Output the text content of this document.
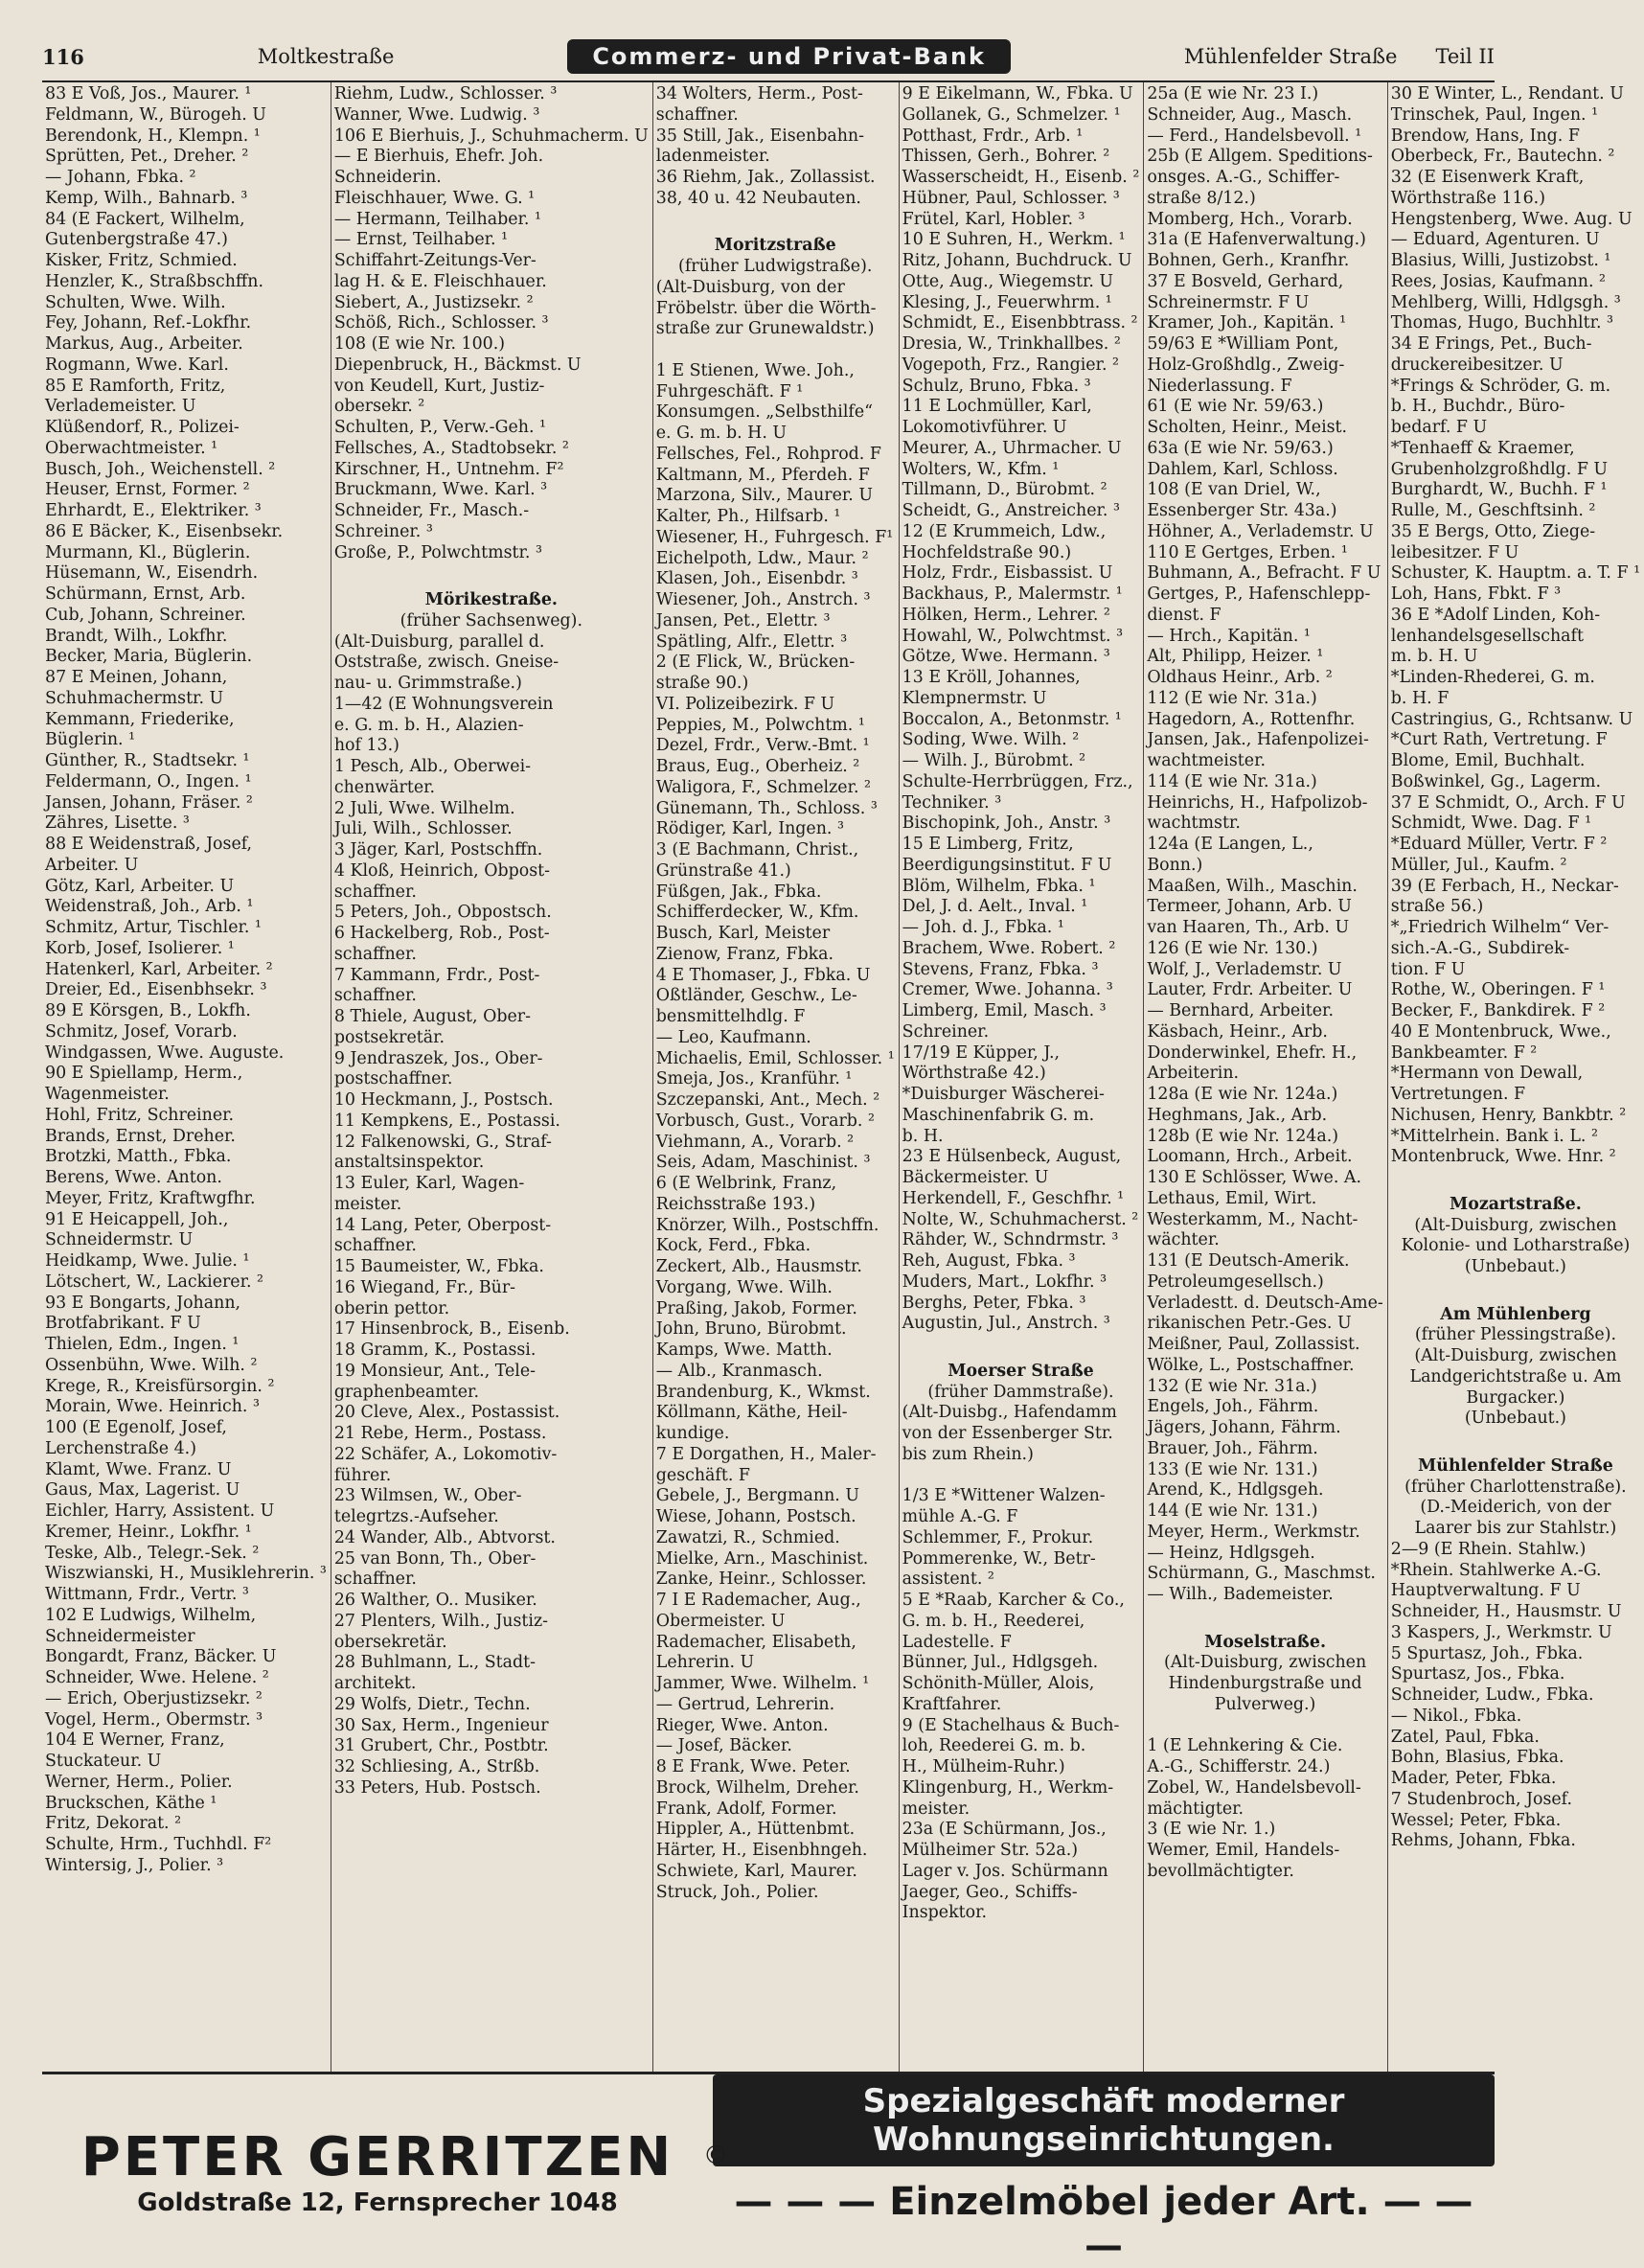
116	Moltkestraße	Commerz- und Privat-Bank	Mühlenfelder Straße Teil II
83 E Voß, Jos., Maurer. ¹
Feldmann, W., Bürogeh. U
Berendonk, H., Klempn. ¹
Sprütten, Pet., Dreher. ²
— Johann, Fbka. ²
Kemp, Wilh., Bahnarb. ³
84 (E Fackert, Wilhelm,
Gutenbergstraße 47.)
Kisker, Fritz, Schmied.
Henzler, K., Straßbschffn.
Schulten, Wwe. Wilh.
Fey, Johann, Ref.-Lokfhr.
Markus, Aug., Arbeiter.
Rogmann, Wwe. Karl.
85 E Ramforth, Fritz,
Verlademeister. U
Klüßendorf, R., Polizei-
Oberwachtmeister. ¹
Busch, Joh., Weichenstell. ²
Heuser, Ernst, Former. ²
Ehrhardt, E., Elektriker. ³
86 E Bäcker, K., Eisenbsekr.
Murmann, Kl., Büglerin.
Hüsemann, W., Eisendrh.
Schürmann, Ernst, Arb.
Cub, Johann, Schreiner.
Brandt, Wilh., Lokfhr.
Becker, Maria, Büglerin.
87 E Meinen, Johann,
Schuhmachermstr. U
Kemmann, Friederike,
Büglerin. ¹
Günther, R., Stadtsekr. ¹
Feldermann, O., Ingen. ¹
Jansen, Johann, Fräser. ²
Zähres, Lisette. ³
88 E Weidenstraß, Josef,
Arbeiter. U
Götz, Karl, Arbeiter. U
Weidenstraß, Joh., Arb. ¹
Schmitz, Artur, Tischler. ¹
Korb, Josef, Isolierer. ¹
Hatenkerl, Karl, Arbeiter. ²
Dreier, Ed., Eisenbhsekr. ³
89 E Körsgen, B., Lokfh.
Schmitz, Josef, Vorarb.
Windgassen, Wwe. Auguste.
90 E Spiellamp, Herm.,
Wagenmeister.
Hohl, Fritz, Schreiner.
Brands, Ernst, Dreher.
Brotzki, Matth., Fbka.
Berens, Wwe. Anton.
Meyer, Fritz, Kraftwgfhr.
91 E Heicappell, Joh.,
Schneidermstr. U
Heidkamp, Wwe. Julie. ¹
Lötschert, W., Lackierer. ²
93 E Bongarts, Johann,
Brotfabrikant. F U
Thielen, Edm., Ingen. ¹
Ossenbühn, Wwe. Wilh. ²
Krege, R., Kreisfürsorgin. ²
Morain, Wwe. Heinrich. ³
100 (E Egenolf, Josef,
Lerchenstraße 4.)
Klamt, Wwe. Franz. U
Gaus, Max, Lagerist. U
Eichler, Harry, Assistent. U
Kremer, Heinr., Lokfhr. ¹
Teske, Alb., Telegr.-Sek. ²
Wiszwianski, H., Musiklehrerin. ³
Wittmann, Frdr., Vertr. ³
102 E Ludwigs, Wilhelm,
Schneidermeister
Bongardt, Franz, Bäcker. U
Schneider, Wwe. Helene. ²
— Erich, Oberjustizsekr. ²
Vogel, Herm., Obermstr. ³
104 E Werner, Franz,
Stuckateur. U
Werner, Herm., Polier.
Bruckschen, Käthe ¹
Fritz, Dekorat. ²
Schulte, Hrm., Tuchhdl. F²
Wintersig, J., Polier. ³
Riehm, Ludw., Schlosser. ³
Wanner, Wwe. Ludwig. ³
106 E Bierhuis, J., Schuhmacherm. U
— E Bierhuis, Ehefr. Joh.
Schneiderin.
Fleischhauer, Wwe. G. ¹
— Hermann, Teilhaber. ¹
— Ernst, Teilhaber. ¹
Schiffahrt-Zeitungs-Ver-
lag H. & E. Fleischhauer.
Siebert, A., Justizsekr. ²
Schöß, Rich., Schlosser. ³
108 (E wie Nr. 100.)
Diepenbruck, H., Bäckmst. U
von Keudell, Kurt, Justiz-
obersekr. ²
Schulten, P., Verw.-Geh. ¹
Fellsches, A., Stadtobsekr. ²
Kirschner, H., Untnehm. F²
Bruckmann, Wwe. Karl. ³
Schneider, Fr., Masch.-
Schreiner. ³
Große, P., Polwchtmstr. ³

Mörikestraße.
(früher Sachsenweg).
(Alt-Duisburg, parallel d.
Oststraße, zwisch. Gneise-
nau- u. Grimmstraße.)
1—42 (E Wohnungsverein
e. G. m. b. H., Alazien-
hof 13.)
1 Pesch, Alb., Oberwei-
chenwärter.
2 Juli, Wwe. Wilhelm.
Juli, Wilh., Schlosser.
3 Jäger, Karl, Postschffn.
4 Kloß, Heinrich, Obpost-
schaffner.
5 Peters, Joh., Obpostsch.
6 Hackelberg, Rob., Post-
schaffner.
7 Kammann, Frdr., Post-
schaffner.
8 Thiele, August, Ober-
postsekretär.
9 Jendraszek, Jos., Ober-
postschaffner.
10 Heckmann, J., Postsch.
11 Kempkens, E., Postassi.
12 Falkenowski, G., Straf-
anstaltsinspektor.
13 Euler, Karl, Wagen-
meister.
14 Lang, Peter, Oberpost-
schaffner.
15 Baumeister, W., Fbka.
16 Wiegand, Fr., Bür-
oberin pettor.
17 Hinsenbrock, B., Eisenb.
18 Gramm, K., Postassi.
19 Monsieur, Ant., Tele-
graphenbeamter.
20 Cleve, Alex., Postassist.
21 Rebe, Herm., Postass.
22 Schäfer, A., Lokomotiv-
führer.
23 Wilmsen, W., Ober-
telegrtzs.-Aufseher.
24 Wander, Alb., Abtvorst.
25 van Bonn, Th., Ober-
schaffner.
26 Walther, O.. Musiker.
27 Plenters, Wilh., Justiz-
obersekretär.
28 Buhlmann, L., Stadt-
architekt.
29 Wolfs, Dietr., Techn.
30 Sax, Herm., Ingenieur
31 Grubert, Chr., Postbtr.
32 Schliesing, A., Strßb.
33 Peters, Hub. Postsch.
34 Wolters, Herm., Post-
schaffner.
35 Still, Jak., Eisenbahn-
ladenmeister.
36 Riehm, Jak., Zollassist.
38, 40 u. 42 Neubauten.

Moritzstraße
(früher Ludwigstraße).
(Alt-Duisburg, von der
Fröbelstr. über die Wörth-
straße zur Grunewaldstr.)

1 E Stienen, Wwe. Joh.,
Fuhrgeschäft. F ¹
Konsumgen. „Selbsthilfe“
e. G. m. b. H. U
Fellsches, Fel., Rohprod. F
Kaltmann, M., Pferdeh. F
Marzona, Silv., Maurer. U
Kalter, Ph., Hilfsarb. ¹
Wiesener, H., Fuhrgesch. F¹
Eichelpoth, Ldw., Maur. ²
Klasen, Joh., Eisenbdr. ³
Wiesener, Joh., Anstrch. ³
Jansen, Pet., Elettr. ³
Spätling, Alfr., Elettr. ³
2 (E Flick, W., Brücken-
straße 90.)
VI. Polizeibezirk. F U
Peppies, M., Polwchtm. ¹
Dezel, Frdr., Verw.-Bmt. ¹
Braus, Eug., Oberheiz. ²
Waligora, F., Schmelzer. ²
Günemann, Th., Schloss. ³
Rödiger, Karl, Ingen. ³
3 (E Bachmann, Christ.,
Grünstraße 41.)
Füßgen, Jak., Fbka.
Schifferdecker, W., Kfm.
Busch, Karl, Meister
Zienow, Franz, Fbka.
4 E Thomaser, J., Fbka. U
Oßtländer, Geschw., Le-
bensmittelhdlg. F
— Leo, Kaufmann.
Michaelis, Emil, Schlosser. ¹
Smeja, Jos., Kranführ. ¹
Szczepanski, Ant., Mech. ²
Vorbusch, Gust., Vorarb. ²
Viehmann, A., Vorarb. ²
Seis, Adam, Maschinist. ³
6 (E Welbrink, Franz,
Reichsstraße 193.)
Knörzer, Wilh., Postschffn.
Kock, Ferd., Fbka.
Zeckert, Alb., Hausmstr.
Vorgang, Wwe. Wilh.
Praßing, Jakob, Former.
John, Bruno, Bürobmt.
Kamps, Wwe. Matth.
— Alb., Kranmasch.
Brandenburg, K., Wkmst.
Köllmann, Käthe, Heil-
kundige.
7 E Dorgathen, H., Maler-
geschäft. F
Gebele, J., Bergmann. U
Wiese, Johann, Postsch.
Zawatzi, R., Schmied.
Mielke, Arn., Maschinist.
Zanke, Heinr., Schlosser.
7 I E Rademacher, Aug.,
Obermeister. U
Rademacher, Elisabeth,
Lehrerin. U
Jammer, Wwe. Wilhelm. ¹
— Gertrud, Lehrerin.
Rieger, Wwe. Anton.
— Josef, Bäcker.
8 E Frank, Wwe. Peter.
Brock, Wilhelm, Dreher.
Frank, Adolf, Former.
Hippler, A., Hüttenbmt.
Härter, H., Eisenbhngeh.
Schwiete, Karl, Maurer.
Struck, Joh., Polier.
9 E Eikelmann, W., Fbka. U
Gollanek, G., Schmelzer. ¹
Potthast, Frdr., Arb. ¹
Thissen, Gerh., Bohrer. ²
Wasserscheidt, H., Eisenb. ²
Hübner, Paul, Schlosser. ³
Frütel, Karl, Hobler. ³
10 E Suhren, H., Werkm. ¹
Ritz, Johann, Buchdruck. U
Otte, Aug., Wiegemstr. U
Klesing, J., Feuerwhrm. ¹
Schmidt, E., Eisenbbtrass. ²
Dresia, W., Trinkhallbes. ²
Vogepoth, Frz., Rangier. ²
Schulz, Bruno, Fbka. ³
11 E Lochmüller, Karl,
Lokomotivführer. U
Meurer, A., Uhrmacher. U
Wolters, W., Kfm. ¹
Tillmann, D., Bürobmt. ²
Scheidt, G., Anstreicher. ³
12 (E Krummeich, Ldw.,
Hochfeldstraße 90.)
Holz, Frdr., Eisbassist. U
Backhaus, P., Malermstr. ¹
Hölken, Herm., Lehrer. ²
Howahl, W., Polwchtmst. ³
Götze, Wwe. Hermann. ³
13 E Kröll, Johannes,
Klempnermstr. U
Boccalon, A., Betonmstr. ¹
Soding, Wwe. Wilh. ²
— Wilh. J., Bürobmt. ²
Schulte-Herrbrüggen, Frz.,
Techniker. ³
Bischopink, Joh., Anstr. ³
15 E Limberg, Fritz,
Beerdigungsinstitut. F U
Blöm, Wilhelm, Fbka. ¹
Del, J. d. Aelt., Inval. ¹
— Joh. d. J., Fbka. ¹
Brachem, Wwe. Robert. ²
Stevens, Franz, Fbka. ³
Cremer, Wwe. Johanna. ³
Limberg, Emil, Masch. ³
Schreiner.
17/19 E Küpper, J.,
Wörthstraße 42.)
*Duisburger Wäscherei-
Maschinenfabrik G. m.
b. H.
23 E Hülsenbeck, August,
Bäckermeister. U
Herkendell, F., Geschfhr. ¹
Nolte, W., Schuhmacherst. ²
Rähder, W., Schndrmstr. ³
Reh, August, Fbka. ³
Muders, Mart., Lokfhr. ³
Berghs, Peter, Fbka. ³
Augustin, Jul., Anstrch. ³

Moerser Straße
(früher Dammstraße).
(Alt-Duisbg., Hafendamm
von der Essenberger Str.
bis zum Rhein.)

1/3 E *Wittener Walzen-
mühle A.-G. F
Schlemmer, F., Prokur.
Pommerenke, W., Betr-
assistent. ²
5 E *Raab, Karcher & Co.,
G. m. b. H., Reederei,
Ladestelle. F
Bünner, Jul., Hdlgsgeh.
Schönith-Müller, Alois,
Kraftfahrer.
9 (E Stachelhaus & Buch-
loh, Reederei G. m. b.
H., Mülheim-Ruhr.)
Klingenburg, H., Werkm-
meister.
23a (E Schürmann, Jos.,
Mülheimer Str. 52a.)
Lager v. Jos. Schürmann
Jaeger, Geo., Schiffs-
Inspektor.
25a (E wie Nr. 23 I.)
Schneider, Aug., Masch.
— Ferd., Handelsbevoll. ¹
25b (E Allgem. Speditions-
onsges. A.-G., Schiffer-
straße 8/12.)
Momberg, Hch., Vorarb.
31a (E Hafenverwaltung.)
Bohnen, Gerh., Kranfhr.
37 E Bosveld, Gerhard,
Schreinermstr. F U
Kramer, Joh., Kapitän. ¹
59/63 E *William Pont,
Holz-Großhdlg., Zweig-
Niederlassung. F
61 (E wie Nr. 59/63.)
Scholten, Heinr., Meist.
63a (E wie Nr. 59/63.)
Dahlem, Karl, Schloss.
108 (E van Driel, W.,
Essenberger Str. 43a.)
Höhner, A., Verlademstr. U
110 E Gertges, Erben. ¹
Buhmann, A., Befracht. F U
Gertges, P., Hafenschlepp-
dienst. F
— Hrch., Kapitän. ¹
Alt, Philipp, Heizer. ¹
Oldhaus Heinr., Arb. ²
112 (E wie Nr. 31a.)
Hagedorn, A., Rottenfhr.
Jansen, Jak., Hafenpolizei-
wachtmeister.
114 (E wie Nr. 31a.)
Heinrichs, H., Hafpolizob-
wachtmstr.
124a (E Langen, L.,
Bonn.)
Maaßen, Wilh., Maschin.
Termeer, Johann, Arb. U
van Haaren, Th., Arb. U
126 (E wie Nr. 130.)
Wolf, J., Verlademstr. U
Lauter, Frdr. Arbeiter. U
— Bernhard, Arbeiter.
Käsbach, Heinr., Arb.
Donderwinkel, Ehefr. H.,
Arbeiterin.
128a (E wie Nr. 124a.)
Heghmans, Jak., Arb.
128b (E wie Nr. 124a.)
Loomann, Hrch., Arbeit.
130 E Schlösser, Wwe. A.
Lethaus, Emil, Wirt.
Westerkamm, M., Nacht-
wächter.
131 (E Deutsch-Amerik.
Petroleumgesellsch.)
Verladestt. d. Deutsch-Ame-
rikanischen Petr.-Ges. U
Meißner, Paul, Zollassist.
Wölke, L., Postschaffner.
132 (E wie Nr. 31a.)
Engels, Joh., Fährm.
Jägers, Johann, Fährm.
Brauer, Joh., Fährm.
133 (E wie Nr. 131.)
Arend, K., Hdlgsgeh.
144 (E wie Nr. 131.)
Meyer, Herm., Werkmstr.
— Heinz, Hdlgsgeh.
Schürmann, G., Maschmst.
— Wilh., Bademeister.

Moselstraße.
(Alt-Duisburg, zwischen
Hindenburgstraße und
Pulverweg.)

1 (E Lehnkering & Cie.
A.-G., Schifferstr. 24.)
Zobel, W., Handelsbevoll-
mächtigter.
3 (E wie Nr. 1.)
Wemer, Emil, Handels-
bevollmächtigter.
30 E Winter, L., Rendant. U
Trinschek, Paul, Ingen. ¹
Brendow, Hans, Ing. F
Oberbeck, Fr., Bautechn. ²
32 (E Eisenwerk Kraft,
Wörthstraße 116.)
Hengstenberg, Wwe. Aug. U
— Eduard, Agenturen. U
Blasius, Willi, Justizobst. ¹
Rees, Josias, Kaufmann. ²
Mehlberg, Willi, Hdlgsgh. ³
Thomas, Hugo, Buchhltr. ³
34 E Frings, Pet., Buch-
druckereibesitzer. U
*Frings & Schröder, G. m.
b. H., Buchdr., Büro-
bedarf. F U
*Tenhaeff & Kraemer,
Grubenholzgroßhdlg. F U
Burghardt, W., Buchh. F ¹
Rulle, M., Geschftsinh. ²
35 E Bergs, Otto, Ziege-
leibesitzer. F U
Schuster, K. Hauptm. a. T. F ¹
Loh, Hans, Fbkt. F ³
36 E *Adolf Linden, Koh-
lenhandelsgesellschaft
m. b. H. U
*Linden-Rhederei, G. m.
b. H. F
Castringius, G., Rchtsanw. U
*Curt Rath, Vertretung. F
Blome, Emil, Buchhalt.
Boßwinkel, Gg., Lagerm.
37 E Schmidt, O., Arch. F U
Schmidt, Wwe. Dag. F ¹
*Eduard Müller, Vertr. F ²
Müller, Jul., Kaufm. ²
39 (E Ferbach, H., Neckar-
straße 56.)
*„Friedrich Wilhelm“ Ver-
sich.-A.-G., Subdirek-
tion. F U
Rothe, W., Oberingen. F ¹
Becker, F., Bankdirek. F ²
40 E Montenbruck, Wwe.,
Bankbeamter. F ²
*Hermann von Dewall,
Vertretungen. F
Nichusen, Henry, Bankbtr. ²
*Mittelrhein. Bank i. L. ²
Montenbruck, Wwe. Hnr. ²

Mozartstraße.
(Alt-Duisburg, zwischen
Kolonie- und Lotharstraße)
(Unbebaut.)

Am Mühlenberg
(früher Plessingstraße).
(Alt-Duisburg, zwischen
Landgerichtstraße u. Am
Burgacker.)
(Unbebaut.)

Mühlenfelder Straße
(früher Charlottenstraße).
(D.-Meiderich, von der
Laarer bis zur Stahlstr.)
2—9 (E Rhein. Stahlw.)
*Rhein. Stahlwerke A.-G.
Hauptverwaltung. F U
Schneider, H., Hausmstr. U
3 Kaspers, J., Werkmstr. U
5 Spurtasz, Joh., Fbka.
Spurtasz, Jos., Fbka.
Schneider, Ludw., Fbka.
— Nikol., Fbka.
Zatel, Paul, Fbka.
Bohn, Blasius, Fbka.
Mader, Peter, Fbka.
7 Studenbroch, Josef.
Wessel; Peter, Fbka.
Rehms, Johann, Fbka.
PETER GERRITZEN
Goldstraße 12, Fernsprecher 1048
Spezialgeschäft moderner Wohnungseinrichtungen.
— — — Einzelmöbel jeder Art. — — —
©
